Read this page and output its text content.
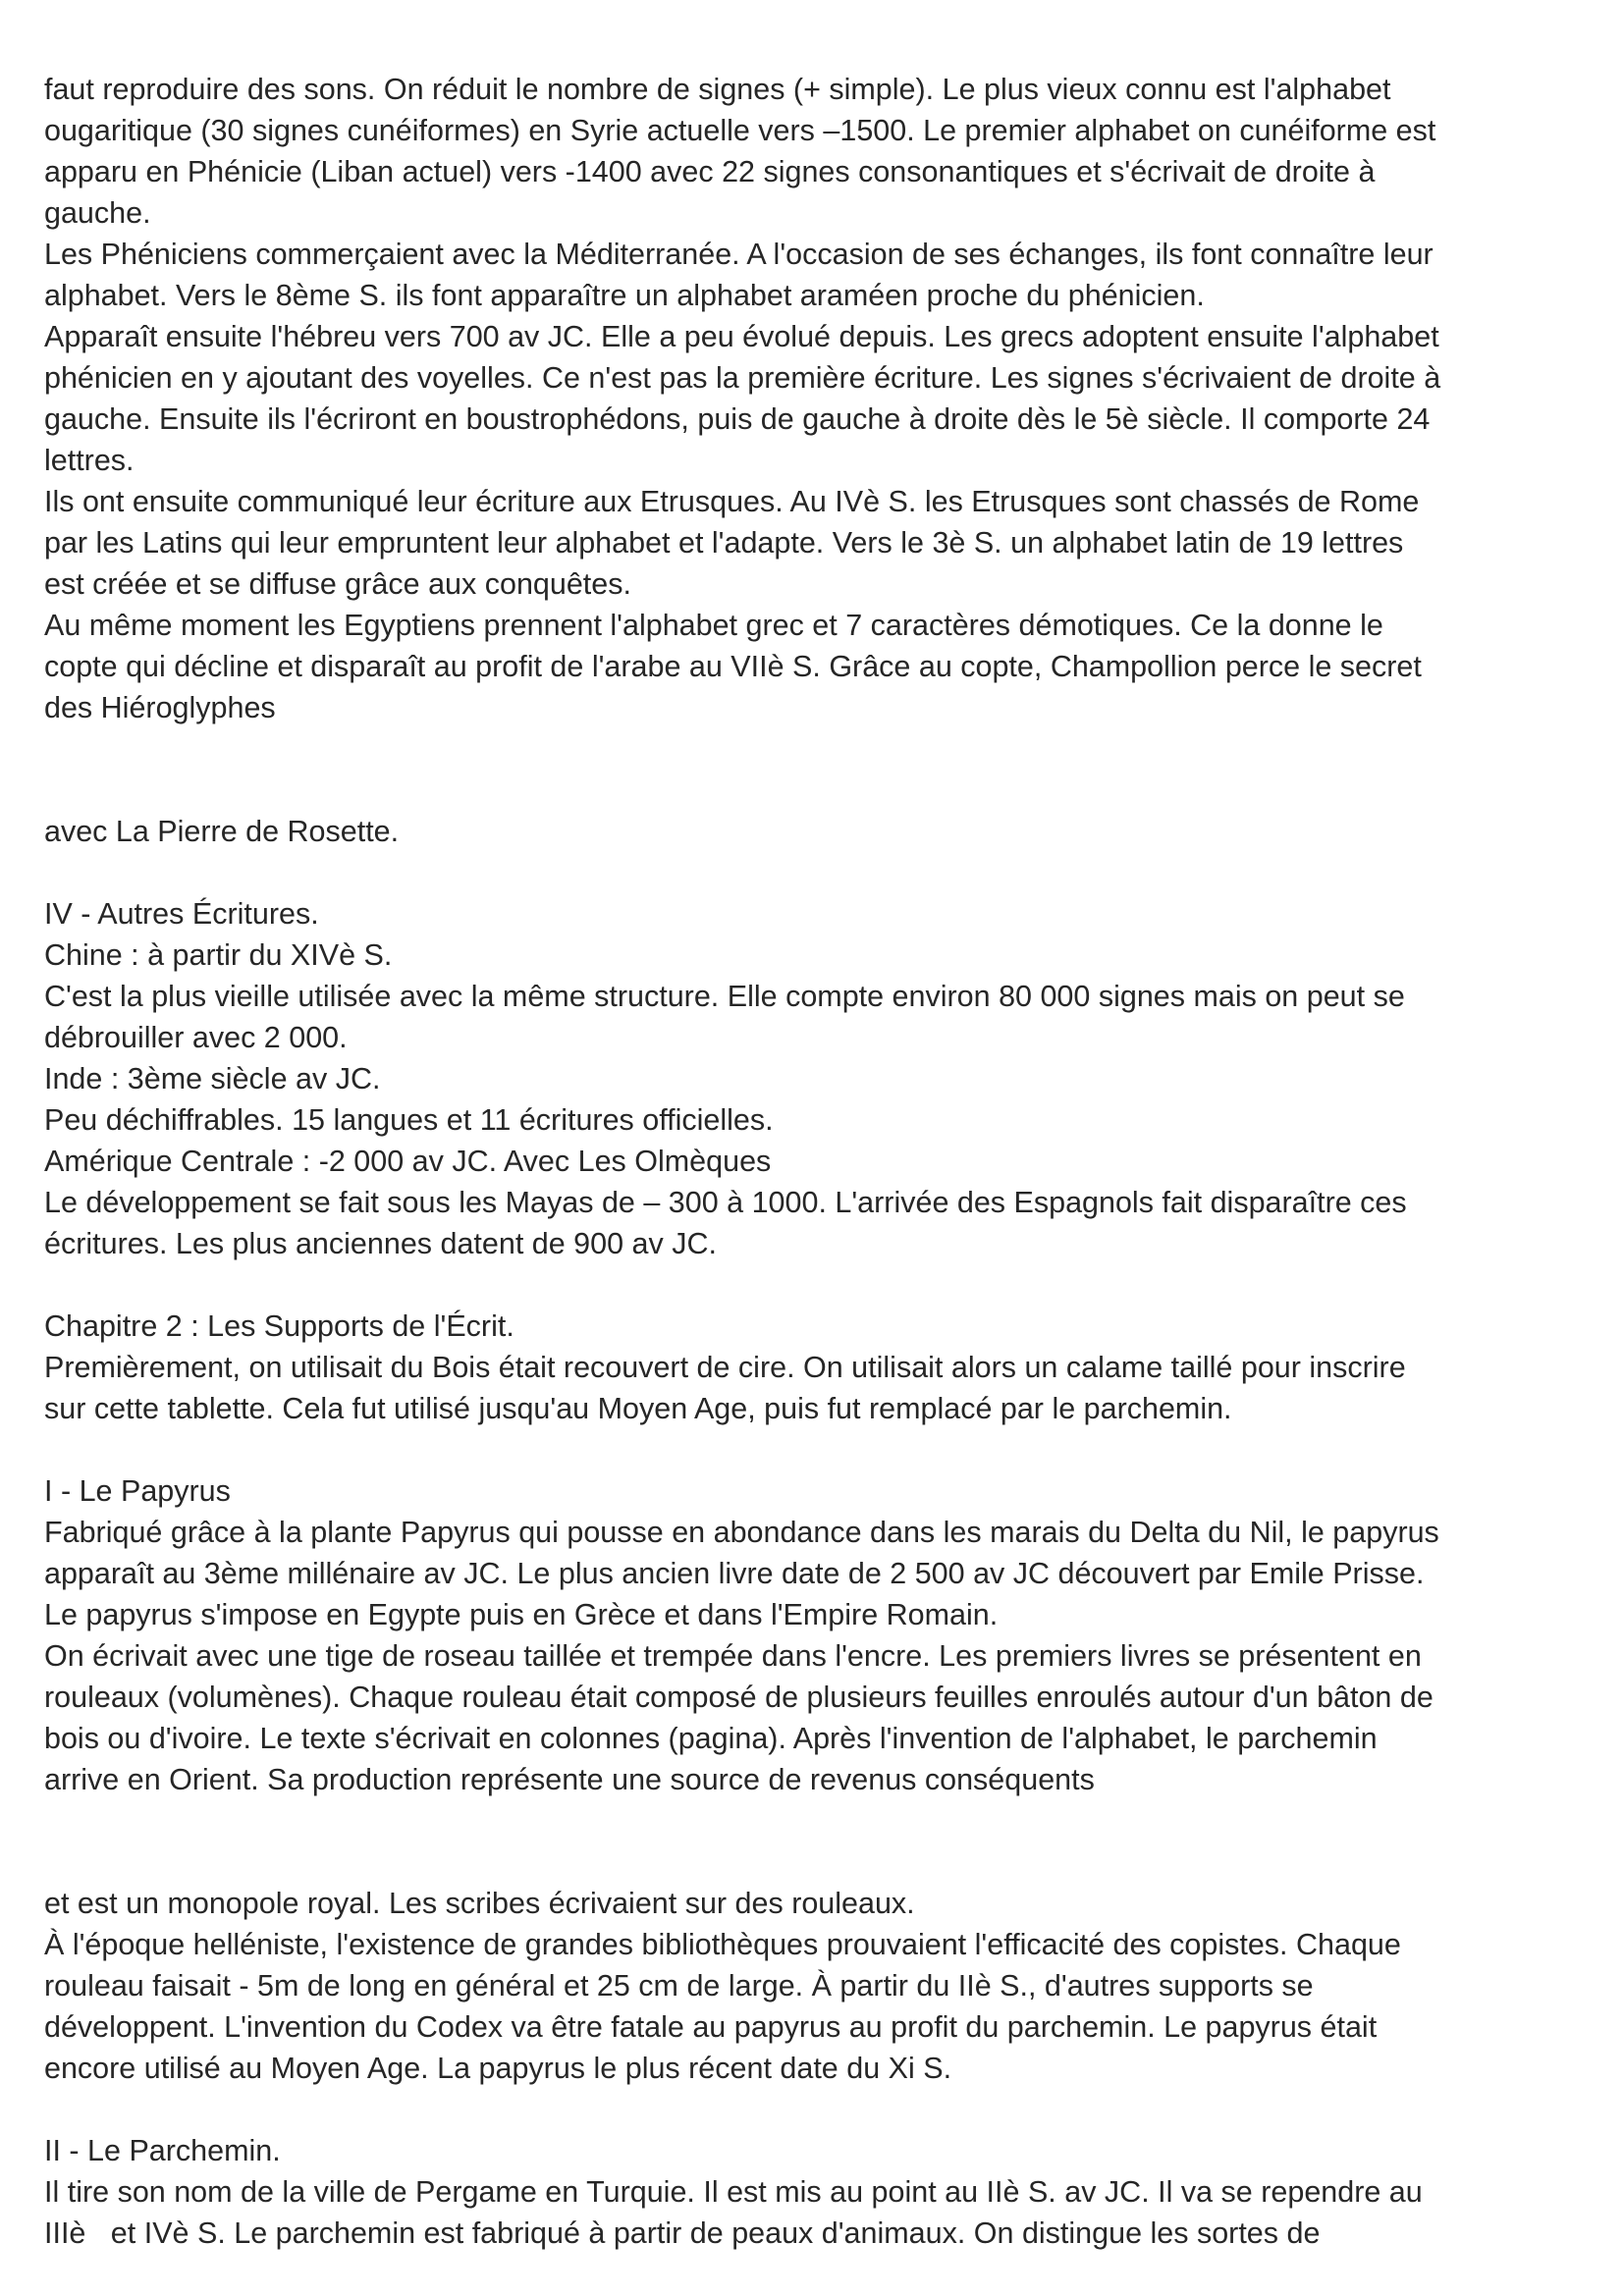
faut reproduire des sons. On réduit le nombre de signes (+ simple). Le plus vieux connu est l'alphabet
ougaritique (30 signes cunéiformes) en Syrie actuelle vers –1500. Le premier alphabet on cunéiforme est
apparu en Phénicie (Liban actuel) vers -1400 avec 22 signes consonantiques et s'écrivait de droite à
gauche.
Les Phéniciens commerçaient avec la Méditerranée. A l'occasion de ses échanges, ils font connaître leur
alphabet. Vers le 8ème S. ils font apparaître un alphabet araméen proche du phénicien.
Apparaît ensuite l'hébreu vers 700 av JC. Elle a peu évolué depuis. Les grecs adoptent ensuite l'alphabet
phénicien en y ajoutant des voyelles. Ce n'est pas la première écriture. Les signes s'écrivaient de droite à
gauche. Ensuite ils l'écriront en boustrophédons, puis de gauche à droite dès le 5è siècle. Il comporte 24
lettres.
Ils ont ensuite communiqué leur écriture aux Etrusques. Au IVè S. les Etrusques sont chassés de Rome
par les Latins qui leur empruntent leur alphabet et l'adapte. Vers le 3è S. un alphabet latin de 19 lettres
est créée et se diffuse grâce aux conquêtes.
Au même moment les Egyptiens prennent l'alphabet grec et 7 caractères démotiques. Ce la donne le
copte qui décline et disparaît au profit de l'arabe au VIIè S. Grâce au copte, Champollion perce le secret
des Hiéroglyphes
avec La Pierre de Rosette.
IV - Autres Écritures.
Chine : à partir du XIVè S.
C'est la plus vieille utilisée avec la même structure. Elle compte environ 80 000 signes mais on peut se
débrouiller avec 2 000.
Inde : 3ème siècle av JC.
Peu déchiffrables. 15 langues et 11 écritures officielles.
Amérique Centrale : -2 000 av JC. Avec Les Olmèques
Le développement se fait sous les Mayas de – 300 à 1000. L'arrivée des Espagnols fait disparaître ces
écritures. Les plus anciennes datent de 900 av JC.
Chapitre 2 : Les Supports de l'Écrit.
Premièrement, on utilisait du Bois était recouvert de cire. On utilisait alors un calame taillé pour inscrire
sur cette tablette. Cela fut utilisé jusqu'au Moyen Age, puis fut remplacé par le parchemin.
I - Le Papyrus
Fabriqué grâce à la plante Papyrus qui pousse en abondance dans les marais du Delta du Nil, le papyrus
apparaît au 3ème millénaire av JC. Le plus ancien livre date de 2 500 av JC découvert par Emile Prisse.
Le papyrus s'impose en Egypte puis en Grèce et dans l'Empire Romain.
On écrivait avec une tige de roseau taillée et trempée dans l'encre. Les premiers livres se présentent en
rouleaux (volumènes). Chaque rouleau était composé de plusieurs feuilles enroulés autour d'un bâton de
bois ou d'ivoire. Le texte s'écrivait en colonnes (pagina). Après l'invention de l'alphabet, le parchemin
arrive en Orient. Sa production représente une source de revenus conséquents
et est un monopole royal. Les scribes écrivaient sur des rouleaux.
À l'époque helléniste, l'existence de grandes bibliothèques prouvaient l'efficacité des copistes. Chaque
rouleau faisait - 5m de long en général et 25 cm de large. À partir du IIè S., d'autres supports se
développent. L'invention du Codex va être fatale au papyrus au profit du parchemin. Le papyrus était
encore utilisé au Moyen Age. La papyrus le plus récent date du Xi S.
II - Le Parchemin.
Il tire son nom de la ville de Pergame en Turquie. Il est mis au point au IIè S. av JC. Il va se rependre au
IIIè   et IVè S. Le parchemin est fabriqué à partir de peaux d'animaux. On distingue les sortes de
